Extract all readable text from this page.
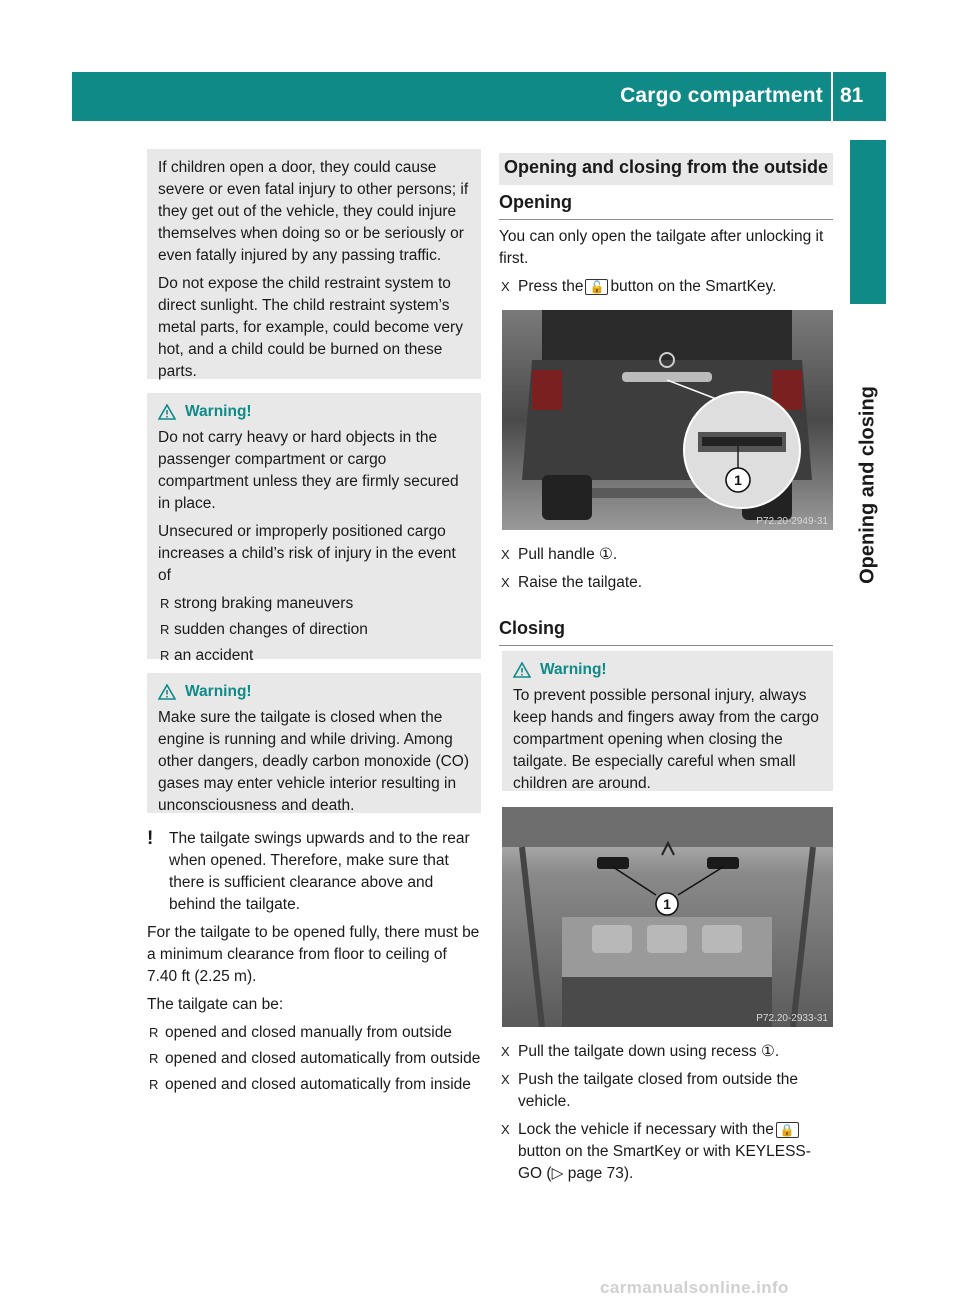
Cargo compartment 81
Opening and closing

If children open a door, they could cause severe or even fatal injury to other persons; if they get out of the vehicle, they could injure themselves when doing so or be seriously or even fatally injured by any passing traffic.

Do not expose the child restraint system to direct sunlight. The child restraint system’s metal parts, for example, could become very hot, and a child could be burned on these parts.

Warning!

Do not carry heavy or hard objects in the passenger compartment or cargo compartment unless they are firmly secured in place.

Unsecured or improperly positioned cargo increases a child’s risk of injury in the event of

R strong braking maneuvers
R sudden changes of direction
R an accident
Warning!

Make sure the tailgate is closed when the engine is running and while driving. Among other dangers, deadly carbon monoxide (CO) gases may enter vehicle interior resulting in unconsciousness and death.

! The tailgate swings upwards and to the rear when opened. Therefore, make sure that there is sufficient clearance above and behind the tailgate.

For the tailgate to be opened fully, there must be a minimum clearance from floor to ceiling of 7.40 ft (2.25 m).

The tailgate can be:

R opened and closed manually from outside
R opened and closed automatically from outside
R opened and closed automatically from inside
Opening and closing from the outside
Opening

You can only open the tailgate after unlocking it first.

X Press the 🔓 button on the SmartKey.
1
P72.20-2949-31
X Pull handle ①.
X Raise the tailgate.
Closing
Warning!

To prevent possible personal injury, always keep hands and fingers away from the cargo compartment opening when closing the tailgate. Be especially careful when small children are around.

1
P72.20-2933-31
X Pull the tailgate down using recess ①.
X Push the tailgate closed from outside the vehicle.
X Lock the vehicle if necessary with the 🔒button on the SmartKey or with KEYLESS-GO (▷ page 73).
carmanualsonline.info
